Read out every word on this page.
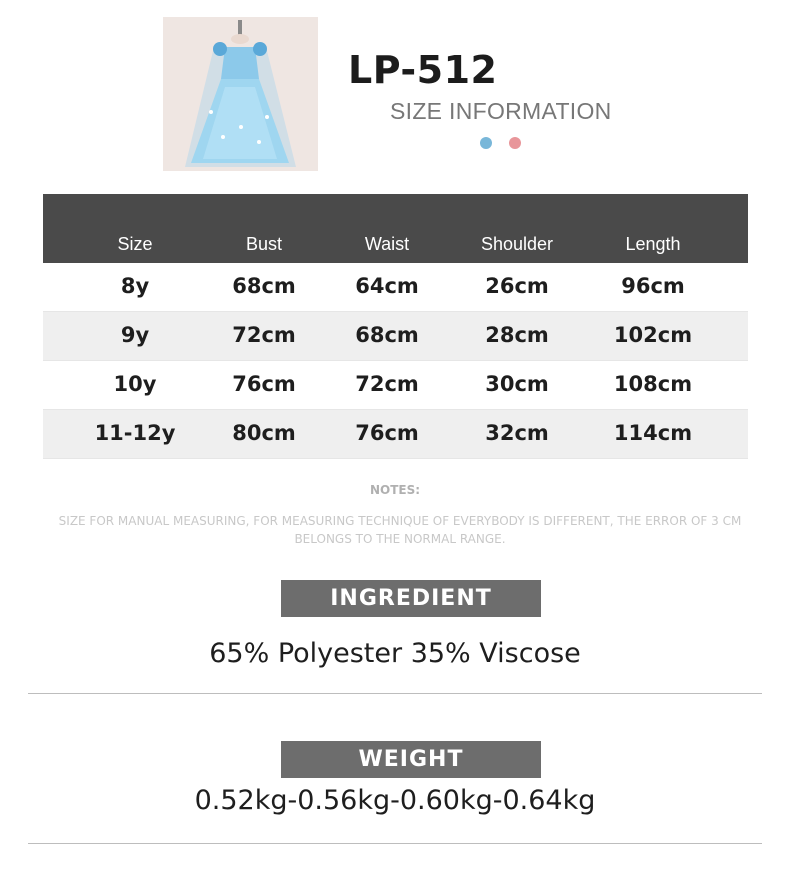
LP-512
SIZE INFORMATION
Size	Bust	Waist	Shoulder	Length
8y	68cm	64cm	26cm	96cm
9y	72cm	68cm	28cm	102cm
10y	76cm	72cm	30cm	108cm
11-12y	80cm	76cm	32cm	114cm
NOTES:
SIZE FOR MANUAL MEASURING, FOR MEASURING TECHNIQUE OF EVERYBODY IS DIFFERENT, THE ERROR OF 3 CM BELONGS TO THE NORMAL RANGE.
INGREDIENT
65% Polyester 35% Viscose
WEIGHT
0.52kg-0.56kg-0.60kg-0.64kg
